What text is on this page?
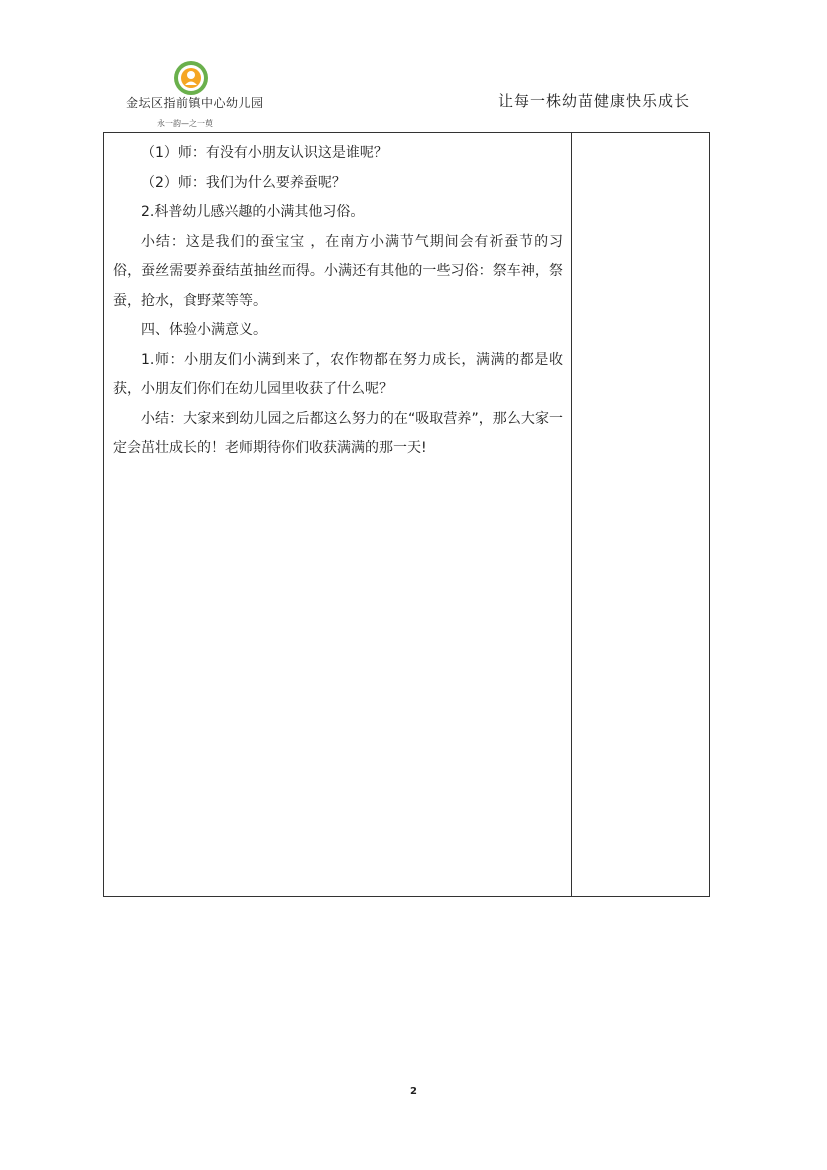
金坛区指前镇中心幼儿园
永一韵—之一萸
让每一株幼苗健康快乐成长

（1）师：有没有小朋友认识这是谁呢？

（2）师：我们为什么要养蚕呢？

2.科普幼儿感兴趣的小满其他习俗。

小结：这是我们的蚕宝宝 ，在南方小满节气期间会有祈蚕节的习俗，蚕丝需要养蚕结茧抽丝而得。小满还有其他的一些习俗：祭车神，祭蚕，抢水，食野菜等等。

四、体验小满意义。

1.师：小朋友们小满到来了，农作物都在努力成长，满满的都是收获，小朋友们你们在幼儿园里收获了什么呢？

小结：大家来到幼儿园之后都这么努力的在“吸取营养”，那么大家一定会茁壮成长的！老师期待你们收获满满的那一天!

2
